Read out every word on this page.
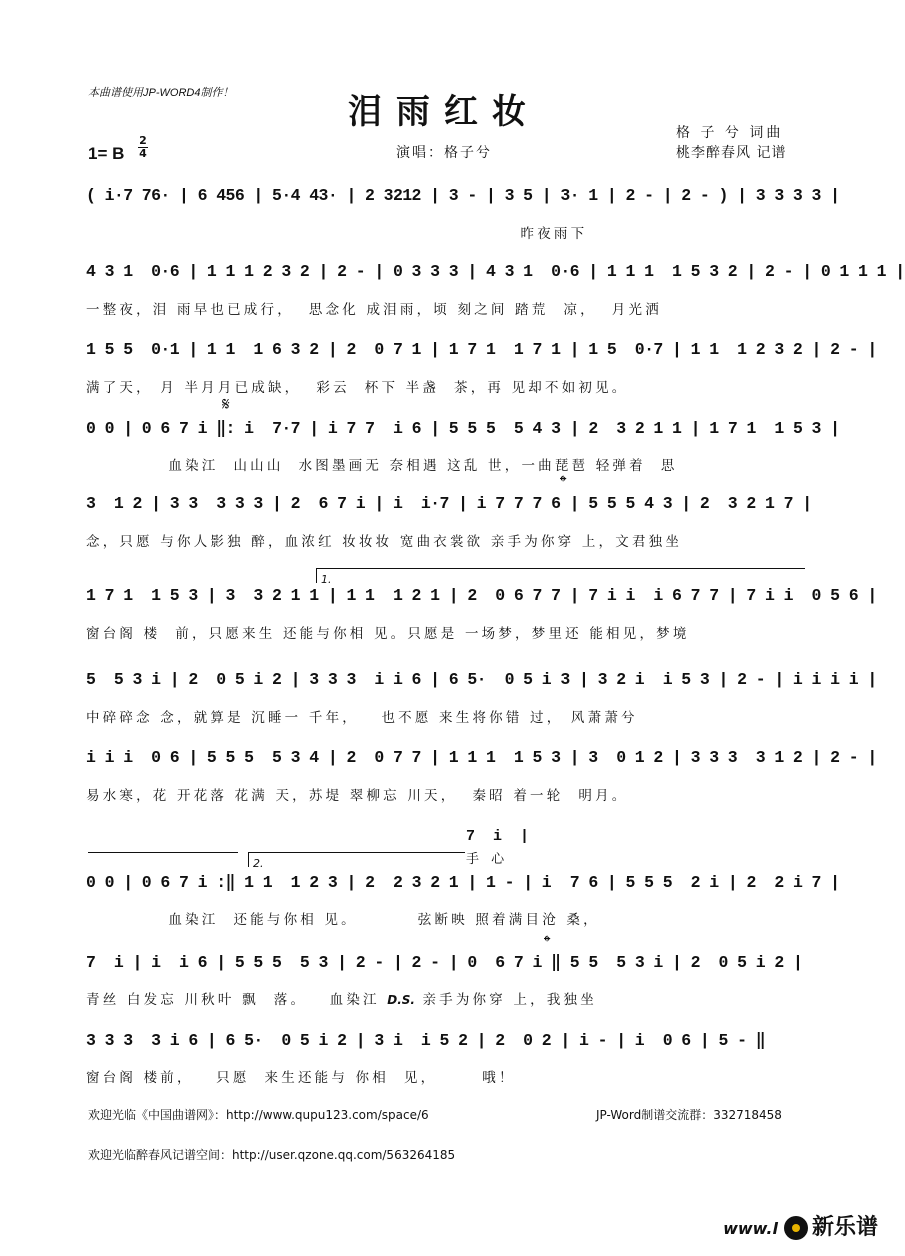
本曲谱使用JP-WORD4制作！	泪雨红妆
格 子 兮 词曲
桃李醉春风 记谱
1= B
2
4	演唱：格子兮
( i·7 76· | 6 456 | 5·4 43· | 2 3212 | 3 - | 3 5 | 3· 1 | 2 - | 2 - ) | 3 3 3 3 |
昨夜雨下
4 3 1  0·6 | 1 1 1 2 3 2 | 2 - | 0 3 3 3 | 4 3 1  0·6 | 1 1 1  1 5 3 2 | 2 - | 0 1 1 1 |
一整夜，泪 雨早也已成行，  思念化 成泪雨，顷 刻之间 踏荒  凉，  月光洒
1 5 5  0·1 | 1 1  1 6 3 2 | 2  0 7 1 | 1 7 1  1 7 1 | 1 5  0·7 | 1 1  1 2 3 2 | 2 - |
满了天， 月 半月月已成缺，  彩云  杯下 半盏  茶，再 见却不如初见。
𝄋
0 0 | 0 6 7 i ‖: i  7·7 | i 7 7  i 6 | 5 5 5  5 4 3 | 2  3 2 1 1 | 1 7 1  1 5 3 |
血染江  山山山  水图墨画无 奈相遇 这乱 世，一曲琵琶 轻弹着  思
𝄌
3  1 2 | 3 3  3 3 3 | 2  6 7 i | i  i·7 | i 7 7 7 6 | 5 5 5 4 3 | 2  3 2 1 7 |
念，只愿 与你人影独 醉，血浓红 妆妆妆 宽曲衣裳欲 亲手为你穿 上，文君独坐
1.
1 7 1  1 5 3 | 3  3 2 1 1 | 1 1  1 2 1 | 2  0 6 7 7 | 7 i i  i 6 7 7 | 7 i i  0 5 6 |
窗台阁 楼  前，只愿来生 还能与你相 见。只愿是 一场梦，梦里还 能相见，梦境
5  5 3 i | 2  0 5 i 2 | 3 3 3  i i 6 | 6 5·  0 5 i 3 | 3 2 i  i 5 3 | 2 - | i i i i |
中碎碎念 念，就算是 沉睡一 千年，   也不愿 来生将你错 过， 风萧萧兮
i i i  0 6 | 5 5 5  5 3 4 | 2  0 7 7 | 1 1 1  1 5 3 | 3  0 1 2 | 3 3 3  3 1 2 | 2 - |
易水寒，花 开花落 花满 天，苏堤 翠柳忘 川天，  秦昭 着一轮  明月。
7  i  |
手 心
2.
0 0 | 0 6 7 i :‖ 1 1  1 2 3 | 2  2 3 2 1 | 1 - | i  7 6 | 5 5 5  2 i | 2  2 i 7 |
血染江  还能与你相 见。        弦断映 照着满目沧 桑，
𝄌
7  i | i  i 6 | 5 5 5  5 3 | 2 - | 2 - | 0  6 7 i ‖ 5 5  5 3 i | 2  0 5 i 2 |
青丝 白发忘 川秋叶 飘  落。   血染江 D.S. 亲手为你穿 上，我独坐
3 3 3  3 i 6 | 6 5·  0 5 i 2 | 3 i  i 5 2 | 2  0 2 | i - | i  0 6 | 5 - ‖
窗台阁 楼前，   只愿  来生还能与 你相  见，      哦！
欢迎光临《中国曲谱网》：http://www.qupu123.com/space/6	JP-Word制谱交流群：332718458
欢迎光临醉春风记谱空间：http://user.qzone.qq.com/563264185
www.l 新乐谱
